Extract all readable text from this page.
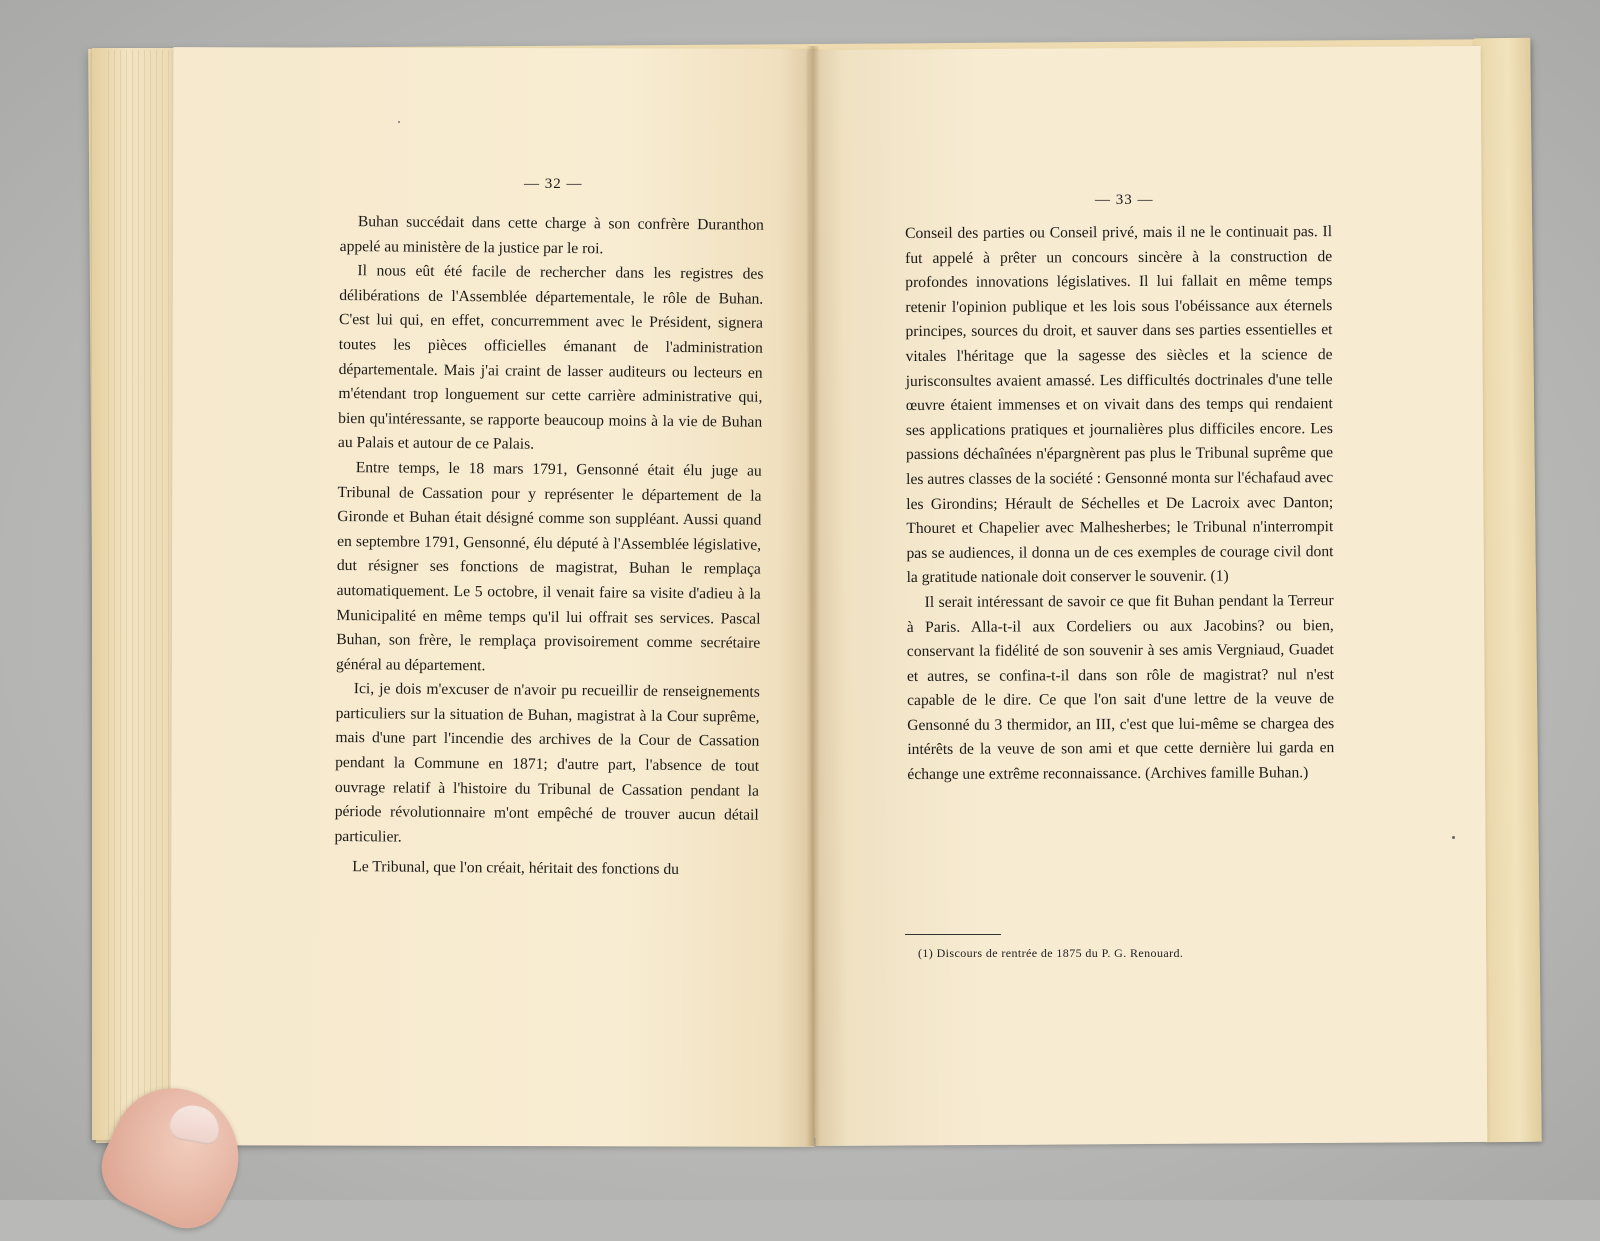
— 32 —
— 33 —

Buhan succédait dans cette charge à son confrère Duranthon appelé au ministère de la justice par le roi.

Il nous eût été facile de rechercher dans les registres des délibérations de l'Assemblée départementale, le rôle de Buhan. C'est lui qui, en effet, concurremment avec le Président, signera toutes les pièces officielles émanant de l'administration départementale. Mais j'ai craint de lasser auditeurs ou lecteurs en m'étendant trop longuement sur cette carrière administrative qui, bien qu'intéressante, se rapporte beaucoup moins à la vie de Buhan au Palais et autour de ce Palais.

Entre temps, le 18 mars 1791, Gensonné était élu juge au Tribunal de Cassation pour y représenter le département de la Gironde et Buhan était désigné comme son suppléant. Aussi quand en septembre 1791, Gensonné, élu député à l'Assemblée législative, dut résigner ses fonctions de magistrat, Buhan le remplaça automatiquement. Le 5 octobre, il venait faire sa visite d'adieu à la Municipalité en même temps qu'il lui offrait ses services. Pascal Buhan, son frère, le remplaça provisoirement comme secrétaire général au département.

Ici, je dois m'excuser de n'avoir pu recueillir de renseignements particuliers sur la situation de Buhan, magistrat à la Cour suprême, mais d'une part l'incendie des archives de la Cour de Cassation pendant la Commune en 1871; d'autre part, l'absence de tout ouvrage relatif à l'histoire du Tribunal de Cassation pendant la période révolutionnaire m'ont empêché de trouver aucun détail particulier.

Le Tribunal, que l'on créait, héritait des fonctions du

Conseil des parties ou Conseil privé, mais il ne le continuait pas. Il fut appelé à prêter un concours sincère à la construction de profondes innovations législatives. Il lui fallait en même temps retenir l'opinion publique et les lois sous l'obéissance aux éternels principes, sources du droit, et sauver dans ses parties essentielles et vitales l'héritage que la sagesse des siècles et la science de jurisconsultes avaient amassé. Les difficultés doctrinales d'une telle œuvre étaient immenses et on vivait dans des temps qui rendaient ses applications pratiques et journalières plus difficiles encore. Les passions déchaînées n'épargnèrent pas plus le Tribunal suprême que les autres classes de la société : Gensonné monta sur l'échafaud avec les Girondins; Hérault de Séchelles et De Lacroix avec Danton; Thouret et Chapelier avec Malhesherbes; le Tribunal n'interrompit pas se audiences, il donna un de ces exemples de courage civil dont la gratitude nationale doit conserver le souvenir. (1)

Il serait intéressant de savoir ce que fit Buhan pendant la Terreur à Paris. Alla-t-il aux Cordeliers ou aux Jacobins? ou bien, conservant la fidélité de son souvenir à ses amis Vergniaud, Guadet et autres, se confina-t-il dans son rôle de magistrat? nul n'est capable de le dire. Ce que l'on sait d'une lettre de la veuve de Gensonné du 3 thermidor, an III, c'est que lui-même se chargea des intérêts de la veuve de son ami et que cette dernière lui garda en échange une extrême reconnaissance. (Archives famille Buhan.)

(1) Discours de rentrée de 1875 du P. G. Renouard.
